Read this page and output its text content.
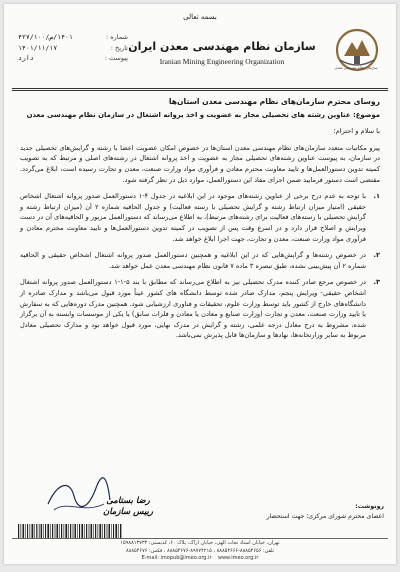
بسمه تعالی
شماره :
۱۴۰۱/ص/۴۲۷/۱۰۰
تاریخ :
۱۴۰۱/۱۱/۱۷
پیوست :
دارد
سازمان نظام مهندسی معدن ایران
Iranian Mining Engineering Organization
سازمان نظام مهندسی معدن
روسای محترم سازمان‌های نظام مهندسی معدن استان‌ها
موضوع: عناوین رشته های تحصیلی مجاز به عضویت و اخذ پروانه اشتغال در سازمان نظام مهندسی معدن
با سلام و احترام؛
پیرو مکاتبات متعدد سازمان‌های نظام مهندسی معدن استان‌ها در خصوص امکان عضویت اعضا با رشته و گرایش‌های تحصیلی جدید در سازمان، به پیوست عناوین رشته‌های تحصیلی مجاز به عضویت و اخذ پروانه اشتغال در رشته‌های اصلی و مرتبط که به تصویب کمیته تدوین دستورالعمل‌ها و تایید معاونت محترم معادن و فرآوری مواد وزارت صنعت، معدن و تجارت رسیده است، ابلاغ می‌گردد. مقتضی است دستور فرمایید ضمن اجرای مفاد این دستورالعمل، موارد ذیل در نظر گرفته شود.
۱.
با توجه به عدم درج برخی از عناوین رشته‌های موجود در این ابلاغیه در جدول ۴-۱ دستورالعمل صدور پروانه اشتغال اشخاص حقیقی (امتیاز میزان ارتباط رشته و گرایش تحصیلی با رسته فعالیت) و جدول الحاقیه شماره ۲ آن (میزان ارتباط رشته و گرایش تحصیلی با رسته‌های فعالیت برای رشته‌های مرتبط)، به اطلاع می‌رساند که دستورالعمل مزبور و الحاقیه‌های آن در دست ویرایش و اصلاح قرار دارد و در اسرع وقت پس از تصویب در کمیته تدوین دستورالعمل‌ها و تایید معاونت محترم معادن و فرآوری مواد وزارت صنعت، معدن و تجارت، جهت اجرا ابلاغ خواهد شد.
۲.
در خصوص رشته‌ها و گرایش‌هایی که در این ابلاغیه و همچنین دستورالعمل صدور پروانه اشتغال اشخاص حقیقی و الحاقیه شماره ۲ آن پیش‌بینی نشده، طبق تبصره ۳ ماده ۷ قانون نظام مهندسی معدن عمل خواهد شد.
۳.
در خصوص مرجع صادر کننده مدرک تحصیلی نیز به اطلاع می‌رساند که مطابق با بند ۵-۱-۱ دستورالعمل صدور پروانه اشتغال اشخاص حقیقی- ویرایش پنجم، مدارک صادر شده توسط دانشگاه های کشور عیناً مورد قبول می‌باشد و مدارک صادره از دانشگاه‌های خارج از کشور باید توسط وزارت علوم، تحقیقات و فناوری ارزشیابی شود. همچنین مدرک دوره‌هایی که به سفارش یا تایید وزارت صنعت، معدن و تجارت (وزارت صنایع و معادن یا معادن و فلزات سابق) یا یکی از موسسات وابسته به آن برگزار شده، مشروط به درج معادل درجه علمی، رشته و گرایش در مدرک نهایی، مورد قبول خواهد بود و مدارک تحصیلی معادل مربوط به سایر وزارتخانه‌ها، نهادها و سازمان‌ها قابل پذیرش نمی‌باشد.
رونوشت:
اعضای محترم شورای مرکزی؛ جهت استحضار
رضا بستامی
رییس سازمان
تهران، خیابان استاد نجات الهی، خیابان اراک، پلاک ۶۰، کدپستی: ۱۵۹۸۸۱۳۷۳۳
تلفن: ۸۸۸۵۴۶۵۶-۸۸۸۵۴۶۶۶ ، ۸۹۷۷۴۲۱۵-۸۸۸۵۴۶۷۶ ، فکس: ۸۸۸۵۴۶۷۶
E-mail: imopub@imeo.org.ir www.imeo.org.ir
